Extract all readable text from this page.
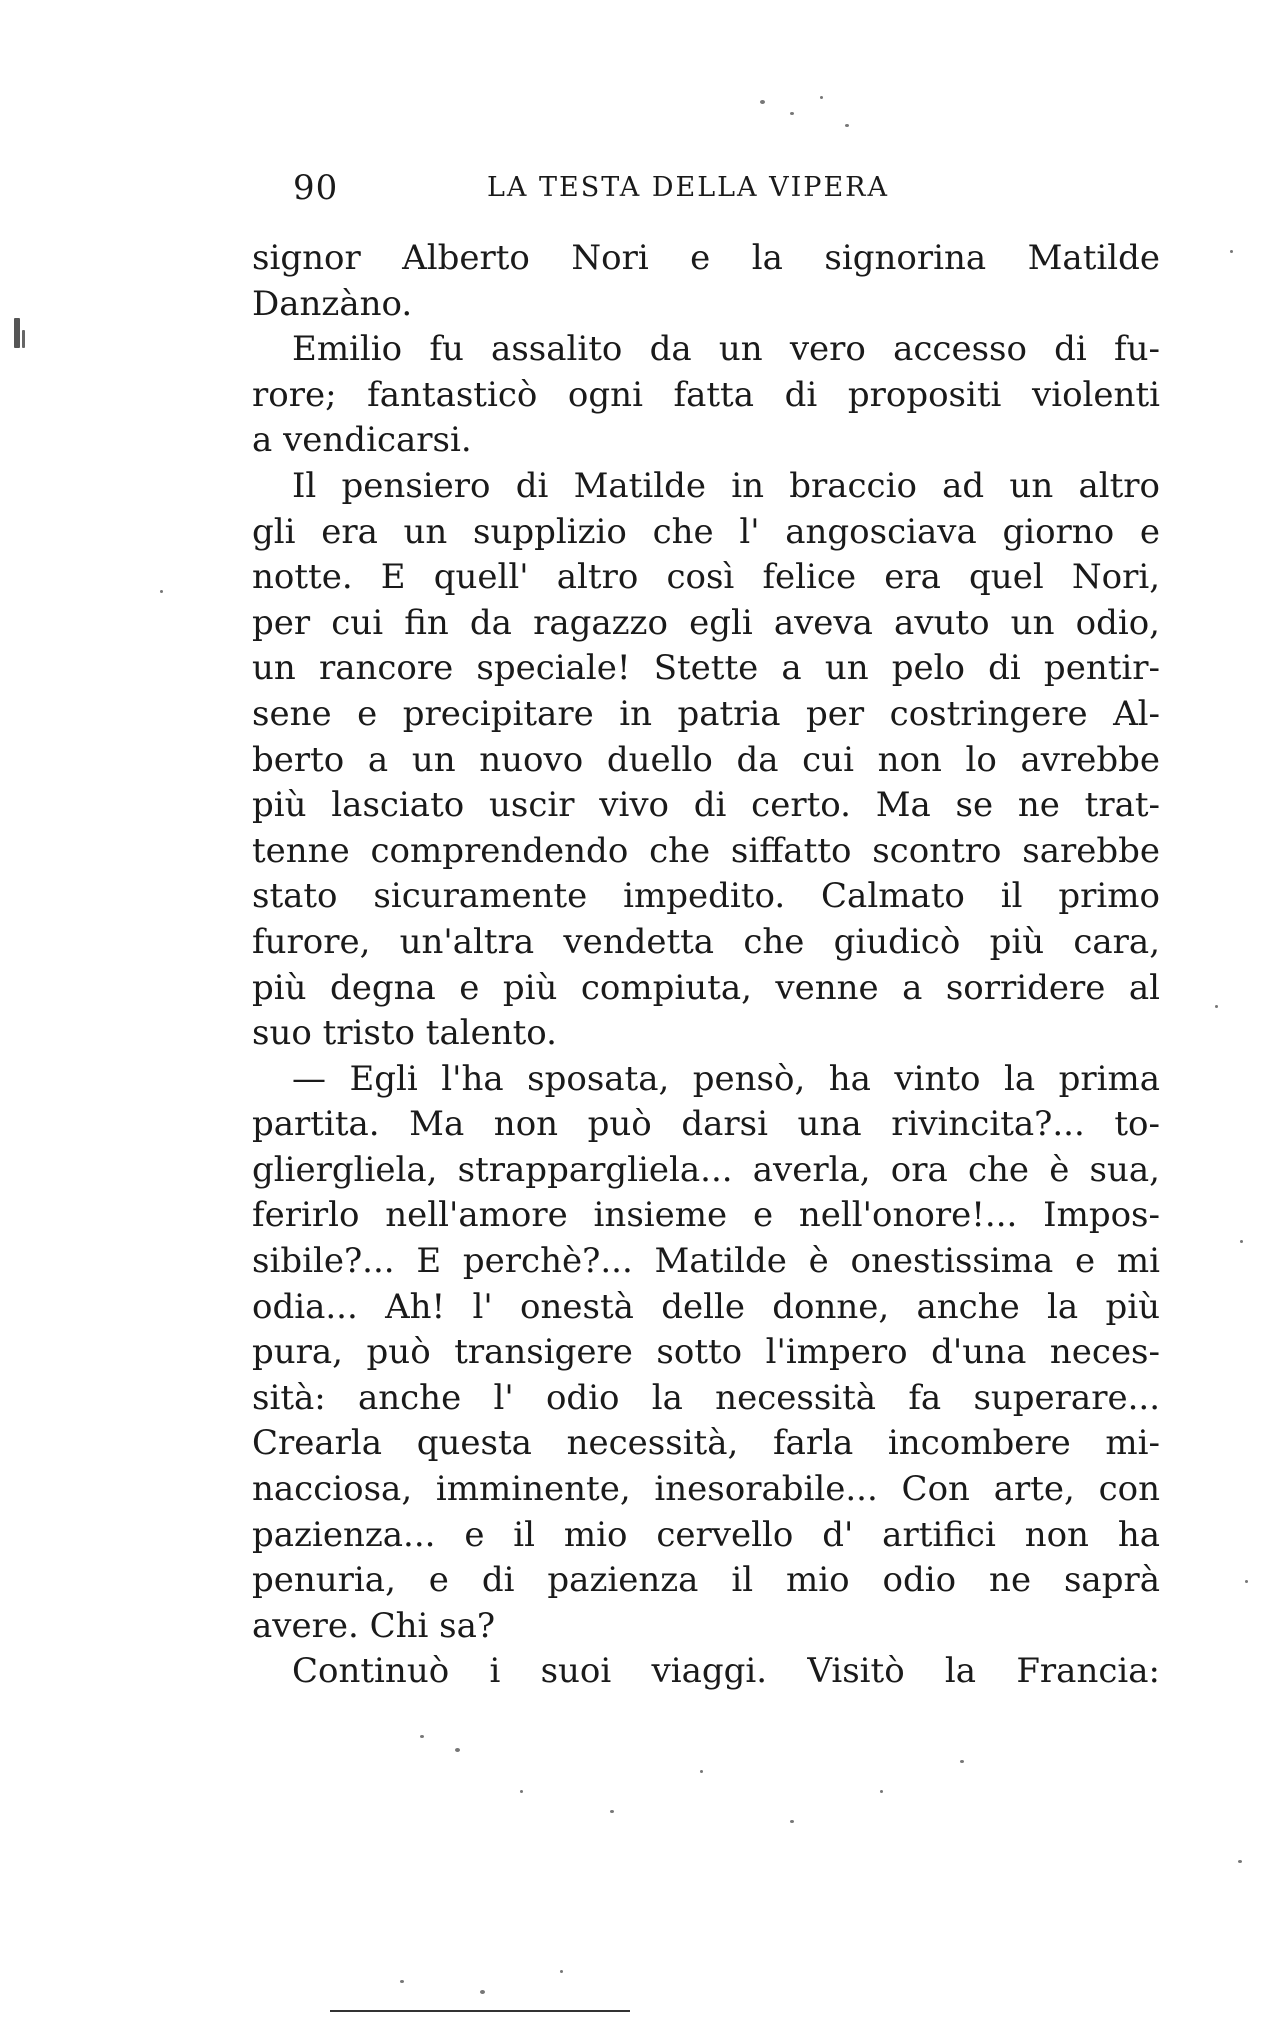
90	LA TESTA DELLA VIPERA
signor Alberto Nori e la signorina Matilde
Danzàno.
Emilio fu assalito da un vero accesso di fu-
rore; fantasticò ogni fatta di propositi violenti
a vendicarsi.
Il pensiero di Matilde in braccio ad un altro
gli era un supplizio che l' angosciava giorno e
notte. E quell' altro così felice era quel Nori,
per cui fin da ragazzo egli aveva avuto un odio,
un rancore speciale! Stette a un pelo di pentir-
sene e precipitare in patria per costringere Al-
berto a un nuovo duello da cui non lo avrebbe
più lasciato uscir vivo di certo. Ma se ne trat-
tenne comprendendo che siffatto scontro sarebbe
stato sicuramente impedito. Calmato il primo
furore, un'altra vendetta che giudicò più cara,
più degna e più compiuta, venne a sorridere al
suo tristo talento.
— Egli l'ha sposata, pensò, ha vinto la prima
partita. Ma non può darsi una rivincita?... to-
gliergliela, strappargliela... averla, ora che è sua,
ferirlo nell'amore insieme e nell'onore!... Impos-
sibile?... E perchè?... Matilde è onestissima e mi
odia... Ah! l' onestà delle donne, anche la più
pura, può transigere sotto l'impero d'una neces-
sità: anche l' odio la necessità fa superare...
Crearla questa necessità, farla incombere mi-
nacciosa, imminente, inesorabile... Con arte, con
pazienza... e il mio cervello d' artifici non ha
penuria, e di pazienza il mio odio ne saprà
avere. Chi sa?
Continuò i suoi viaggi. Visitò la Francia:
